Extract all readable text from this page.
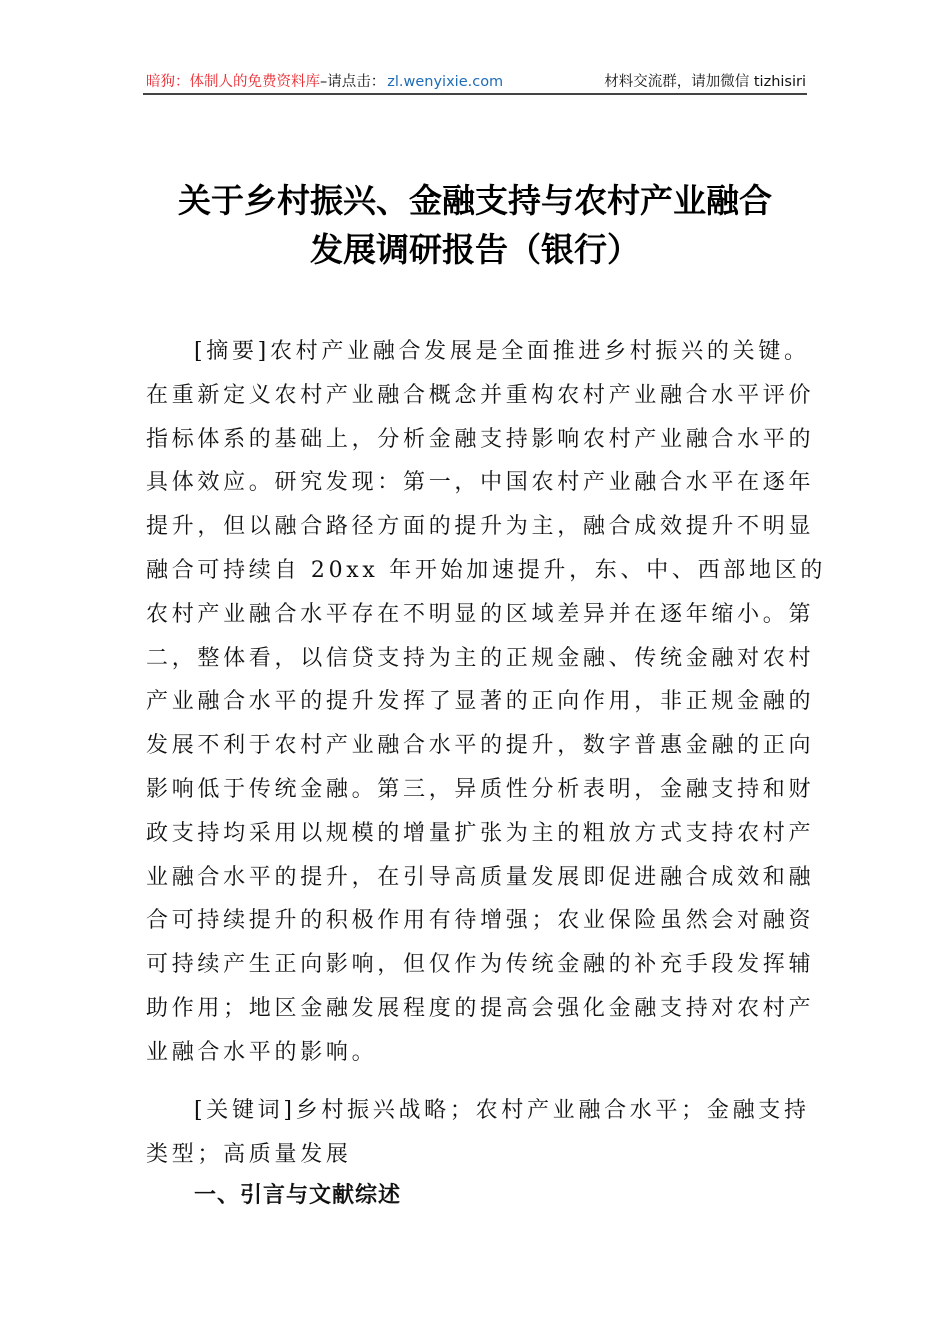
暗狗：体制人的免费资料库 –请点击： zl.wenyixie.com	材料交流群，请加微信 tizhisiri
关于乡村振兴、金融支持与农村产业融合
发展调研报告（银行）
[摘要]农村产业融合发展是全面推进乡村振兴的关键。
在重新定义农村产业融合概念并重构农村产业融合水平评价
指标体系的基础上，分析金融支持影响农村产业融合水平的
具体效应。研究发现：第一，中国农村产业融合水平在逐年
提升，但以融合路径方面的提升为主，融合成效提升不明显
融合可持续自 20xx 年开始加速提升，东、中、西部地区的
农村产业融合水平存在不明显的区域差异并在逐年缩小。第
二，整体看，以信贷支持为主的正规金融、传统金融对农村
产业融合水平的提升发挥了显著的正向作用，非正规金融的
发展不利于农村产业融合水平的提升，数字普惠金融的正向
影响低于传统金融。第三，异质性分析表明，金融支持和财
政支持均采用以规模的增量扩张为主的粗放方式支持农村产
业融合水平的提升，在引导高质量发展即促进融合成效和融
合可持续提升的积极作用有待增强；农业保险虽然会对融资
可持续产生正向影响，但仅作为传统金融的补充手段发挥辅
助作用；地区金融发展程度的提高会强化金融支持对农村产
业融合水平的影响。
[关键词]乡村振兴战略；农村产业融合水平；金融支持
类型；高质量发展
一、引言与文献综述
